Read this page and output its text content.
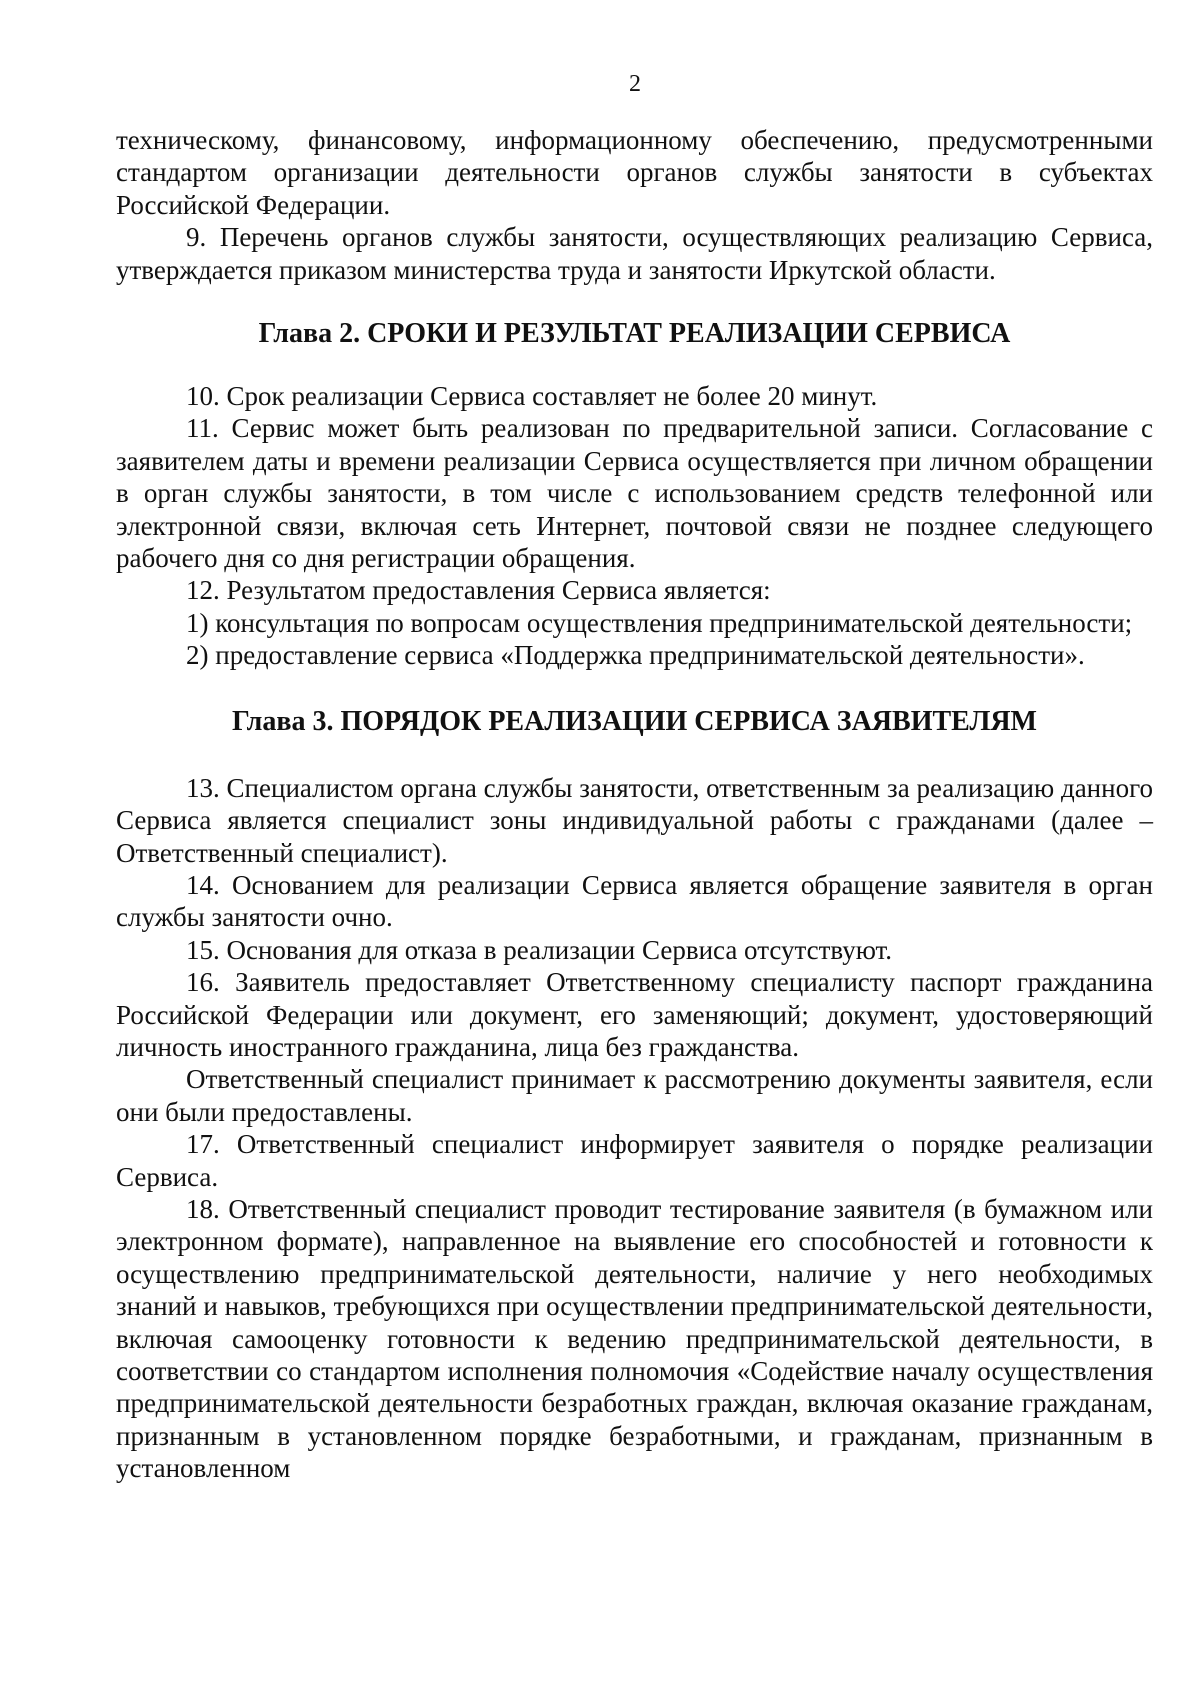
2

техническому, финансовому, информационному обеспечению, предусмотренными стандартом организации деятельности органов службы занятости в субъектах Российской Федерации.

9. Перечень органов службы занятости, осуществляющих реализацию Сервиса, утверждается приказом министерства труда и занятости Иркутской области.

Глава 2. СРОКИ И РЕЗУЛЬТАТ РЕАЛИЗАЦИИ СЕРВИСА

10. Срок реализации Сервиса составляет не более 20 минут.

11. Сервис может быть реализован по предварительной записи. Согласование с заявителем даты и времени реализации Сервиса осуществляется при личном обращении в орган службы занятости, в том числе с использованием средств телефонной или электронной связи, включая сеть Интернет, почтовой связи не позднее следующего рабочего дня со дня регистрации обращения.

12. Результатом предоставления Сервиса является:

1) консультация по вопросам осуществления предпринимательской деятельности;

2) предоставление сервиса «Поддержка предпринимательской деятельности».

Глава 3. ПОРЯДОК РЕАЛИЗАЦИИ СЕРВИСА ЗАЯВИТЕЛЯМ

13. Специалистом органа службы занятости, ответственным за реализацию данного Сервиса является специалист зоны индивидуальной работы с гражданами (далее – Ответственный специалист).

14. Основанием для реализации Сервиса является обращение заявителя в орган службы занятости очно.

15. Основания для отказа в реализации Сервиса отсутствуют.

16. Заявитель предоставляет Ответственному специалисту паспорт гражданина Российской Федерации или документ, его заменяющий; документ, удостоверяющий личность иностранного гражданина, лица без гражданства.

Ответственный специалист принимает к рассмотрению документы заявителя, если они были предоставлены.

17. Ответственный специалист информирует заявителя о порядке реализации Сервиса.

18. Ответственный специалист проводит тестирование заявителя (в бумажном или электронном формате), направленное на выявление его способностей и готовности к осуществлению предпринимательской деятельности, наличие у него необходимых знаний и навыков, требующихся при осуществлении предпринимательской деятельности, включая самооценку готовности к ведению предпринимательской деятельности, в соответствии со стандартом исполнения полномочия «Содействие началу осуществления предпринимательской деятельности безработных граждан, включая оказание гражданам, признанным в установленном порядке безработными, и гражданам, признанным в установленном
